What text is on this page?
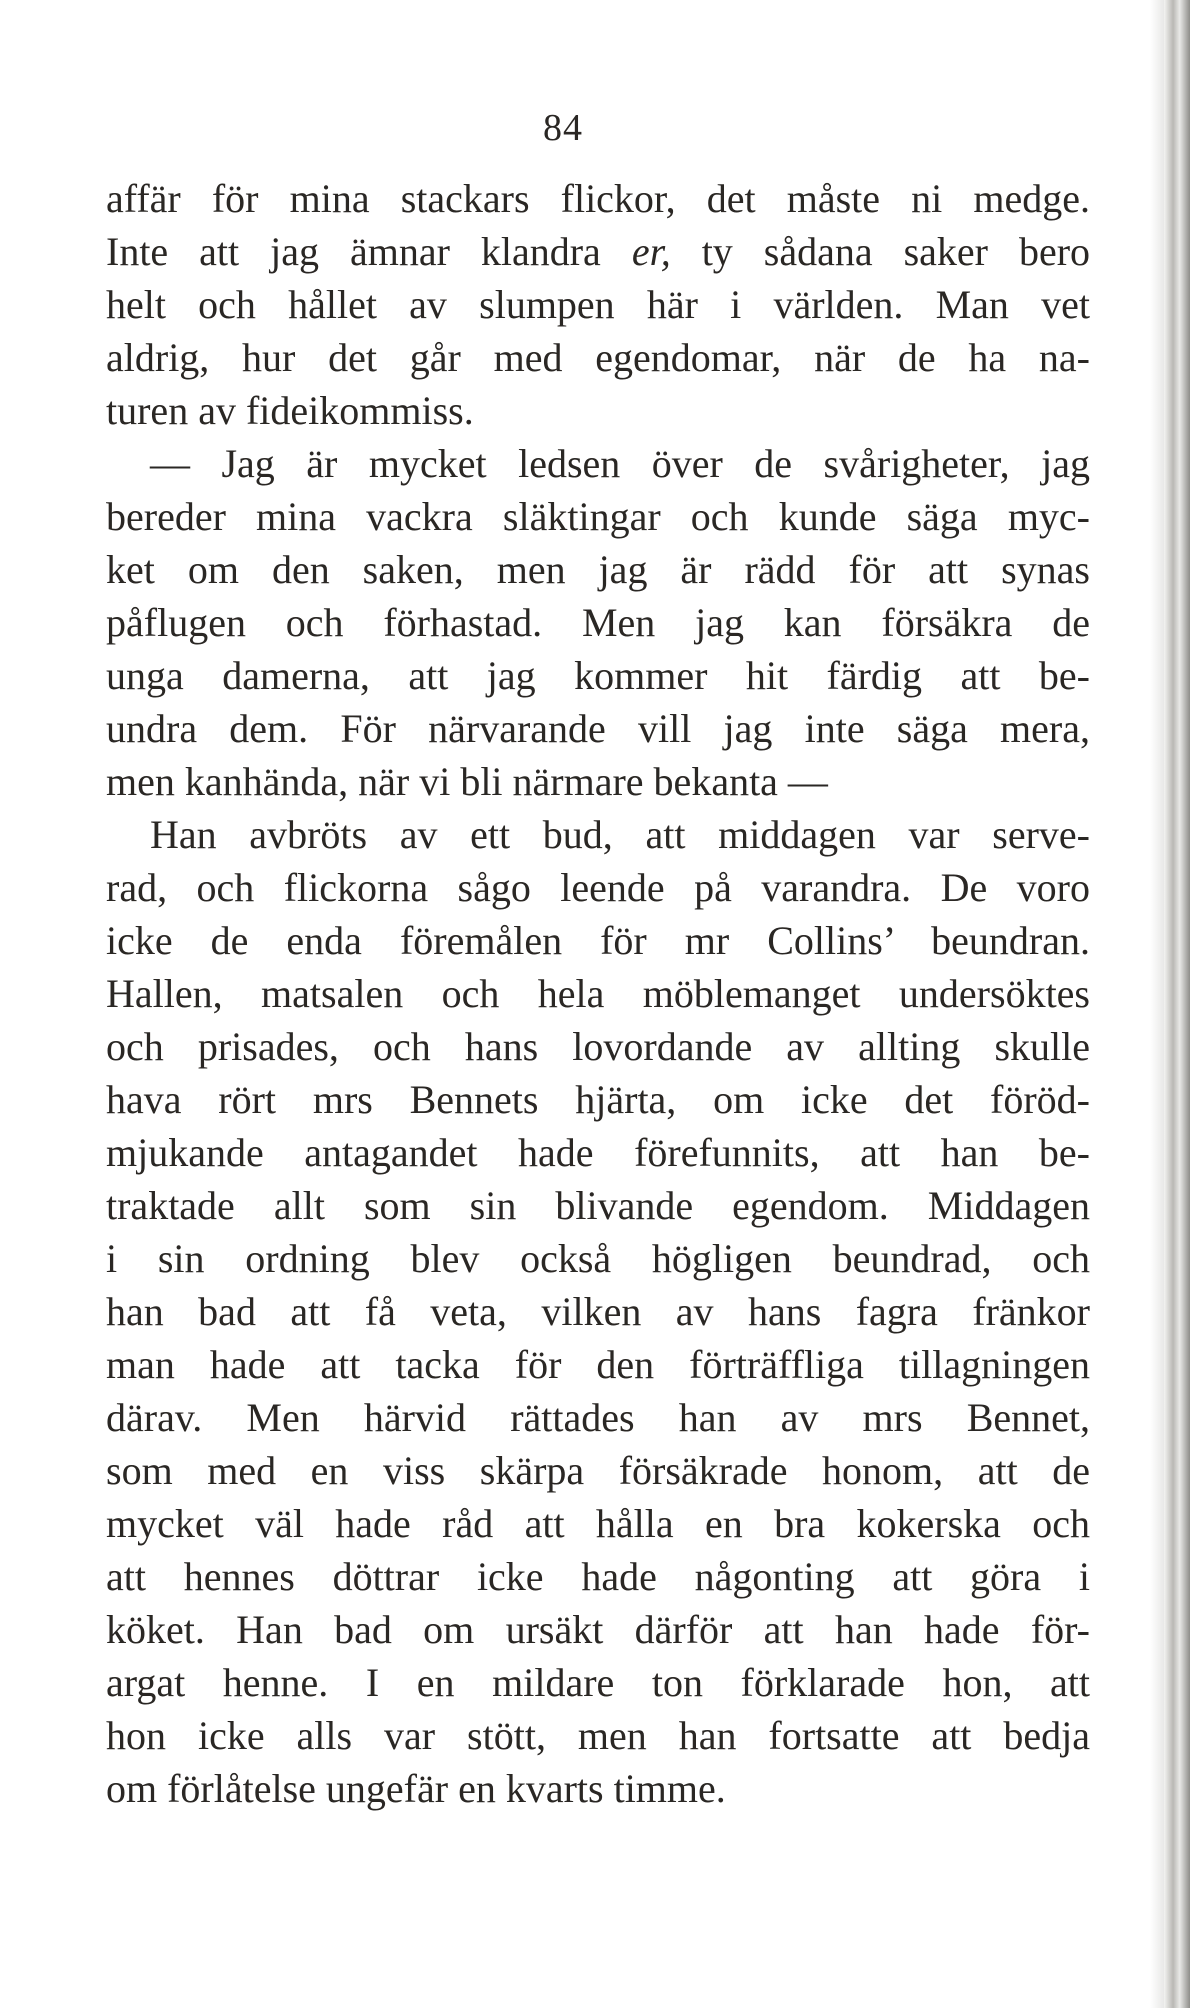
84
affär för mina stackars flickor, det måste ni medge.
Inte att jag ämnar klandra er, ty sådana saker bero
helt och hållet av slumpen här i världen. Man vet
aldrig, hur det går med egendomar, när de ha na-
turen av fideikommiss.
— Jag är mycket ledsen över de svårigheter, jag
bereder mina vackra släktingar och kunde säga myc-
ket om den saken, men jag är rädd för att synas
påflugen och förhastad. Men jag kan försäkra de
unga damerna, att jag kommer hit färdig att be-
undra dem. För närvarande vill jag inte säga mera,
men kanhända, när vi bli närmare bekanta —
Han avbröts av ett bud, att middagen var serve-
rad, och flickorna sågo leende på varandra. De voro
icke de enda föremålen för mr Collins’ beundran.
Hallen, matsalen och hela möblemanget undersöktes
och prisades, och hans lovordande av allting skulle
hava rört mrs Bennets hjärta, om icke det föröd-
mjukande antagandet hade förefunnits, att han be-
traktade allt som sin blivande egendom. Middagen
i sin ordning blev också högligen beundrad, och
han bad att få veta, vilken av hans fagra fränkor
man hade att tacka för den förträffliga tillagningen
därav. Men härvid rättades han av mrs Bennet,
som med en viss skärpa försäkrade honom, att de
mycket väl hade råd att hålla en bra kokerska och
att hennes döttrar icke hade någonting att göra i
köket. Han bad om ursäkt därför att han hade för-
argat henne. I en mildare ton förklarade hon, att
hon icke alls var stött, men han fortsatte att bedja
om förlåtelse ungefär en kvarts timme.
